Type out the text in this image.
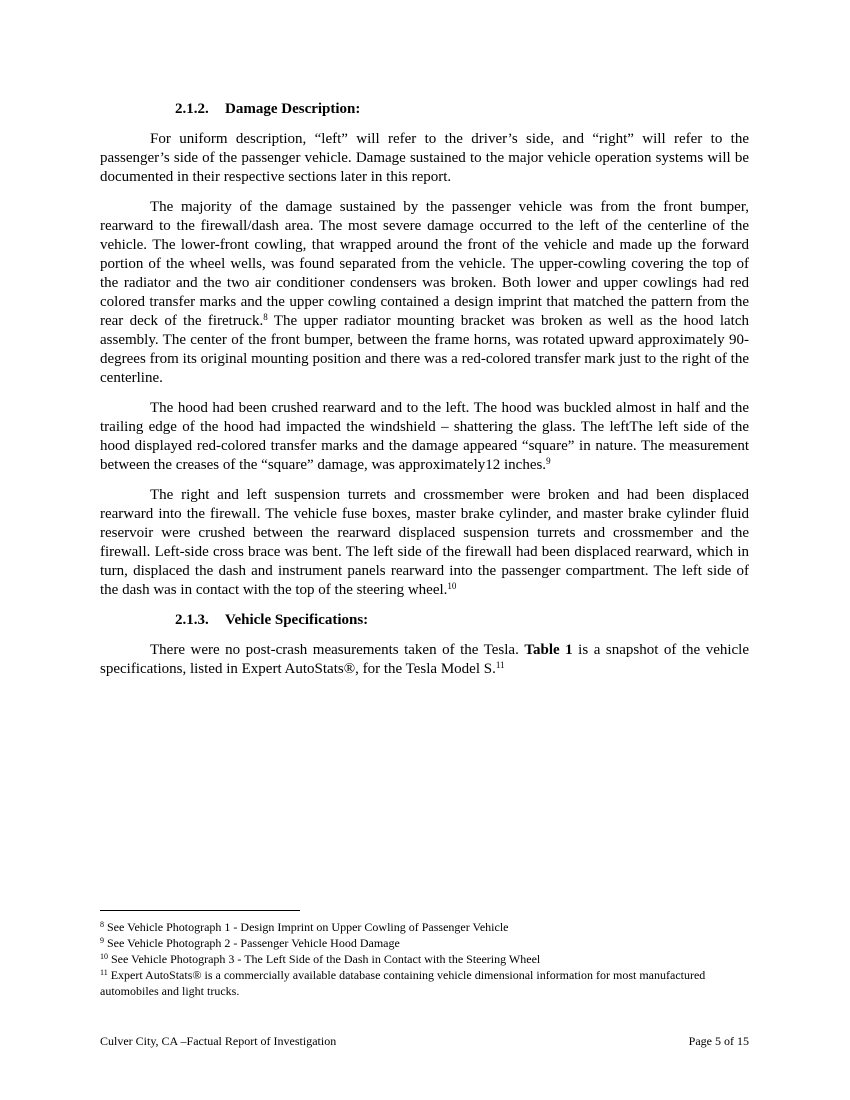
2.1.2. Damage Description:

For uniform description, “left” will refer to the driver’s side, and “right” will refer to the passenger’s side of the passenger vehicle. Damage sustained to the major vehicle operation systems will be documented in their respective sections later in this report.

The majority of the damage sustained by the passenger vehicle was from the front bumper, rearward to the firewall/dash area. The most severe damage occurred to the left of the centerline of the vehicle. The lower-front cowling, that wrapped around the front of the vehicle and made up the forward portion of the wheel wells, was found separated from the vehicle. The upper-cowling covering the top of the radiator and the two air conditioner condensers was broken. Both lower and upper cowlings had red colored transfer marks and the upper cowling contained a design imprint that matched the pattern from the rear deck of the firetruck.$^8$ The upper radiator mounting bracket was broken as well as the hood latch assembly. The center of the front bumper, between the frame horns, was rotated upward approximately 90-degrees from its original mounting position and there was a red-colored transfer mark just to the right of the centerline.

The hood had been crushed rearward and to the left. The hood was buckled almost in half and the trailing edge of the hood had impacted the windshield – shattering the glass. The leftThe left side of the hood displayed red-colored transfer marks and the damage appeared “square” in nature. The measurement between the creases of the “square” damage, was approximately12 inches.$^9$

The right and left suspension turrets and crossmember were broken and had been displaced rearward into the firewall. The vehicle fuse boxes, master brake cylinder, and master brake cylinder fluid reservoir were crushed between the rearward displaced suspension turrets and crossmember and the firewall. Left-side cross brace was bent. The left side of the firewall had been displaced rearward, which in turn, displaced the dash and instrument panels rearward into the passenger compartment. The left side of the dash was in contact with the top of the steering wheel.$^{10}$

2.1.3. Vehicle Specifications:

There were no post-crash measurements taken of the Tesla. Table 1 is a snapshot of the vehicle specifications, listed in Expert AutoStats®, for the Tesla Model S.$^{11}$

$^8$ See Vehicle Photograph 1 - Design Imprint on Upper Cowling of Passenger Vehicle

$^9$ See Vehicle Photograph 2 - Passenger Vehicle Hood Damage

$^{10}$ See Vehicle Photograph 3 - The Left Side of the Dash in Contact with the Steering Wheel

$^{11}$ Expert AutoStats® is a commercially available database containing vehicle dimensional information for most manufactured automobiles and light trucks.

Culver City, CA –Factual Report of Investigation	Page 5 of 15
